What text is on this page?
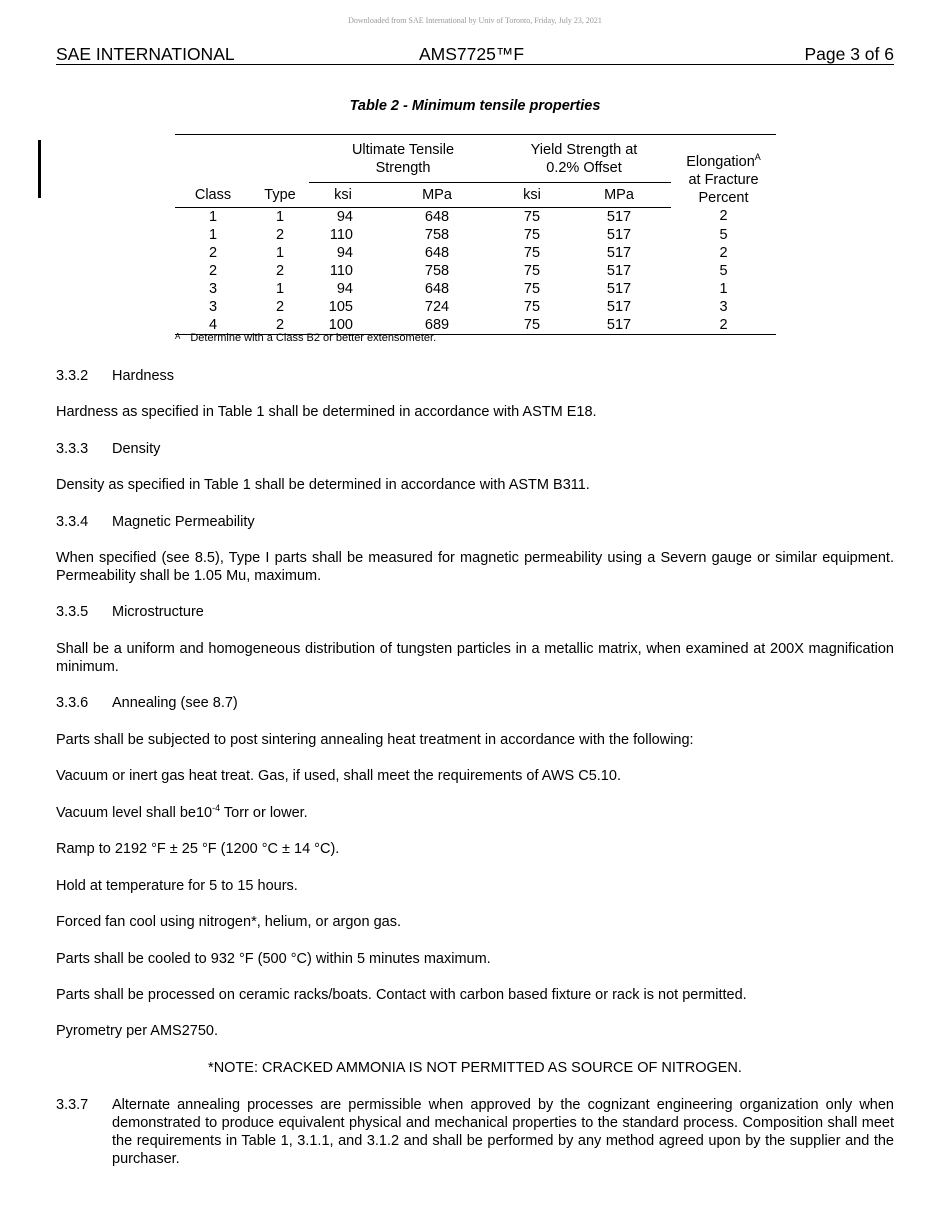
Downloaded from SAE International by Univ of Toronto, Friday, July 23, 2021
SAE INTERNATIONAL	AMS7725™F	Page 3 of 6
Table 2 - Minimum tensile properties
		Ultimate Tensile Strength		Yield Strength at 0.2% Offset		Elongation$^A$
at Fracture Percent

Class	Type	ksi	MPa	ksi	MPa	
1	1	94	648	75	517	2
1	2	110	758	75	517	5
2	1	94	648	75	517	2
2	2	110	758	75	517	5
3	1	94	648	75	517	1
3	2	105	724	75	517	3
4	2	100	689	75	517	2
$^A$ Determine with a Class B2 or better extensometer.
3.3.2 Hardness
Hardness as specified in Table 1 shall be determined in accordance with ASTM E18.
3.3.3 Density
Density as specified in Table 1 shall be determined in accordance with ASTM B311.
3.3.4 Magnetic Permeability
When specified (see 8.5), Type I parts shall be measured for magnetic permeability using a Severn gauge or similar equipment. Permeability shall be 1.05 Mu, maximum.
3.3.5 Microstructure
Shall be a uniform and homogeneous distribution of tungsten particles in a metallic matrix, when examined at 200X magnification minimum.
3.3.6 Annealing (see 8.7)
Parts shall be subjected to post sintering annealing heat treatment in accordance with the following:
Vacuum or inert gas heat treat. Gas, if used, shall meet the requirements of AWS C5.10.
Vacuum level shall $be10^{-4}$ Torr or lower.
Ramp to 2192 °F ± 25 °F (1200 °C ± 14 °C).
Hold at temperature for 5 to 15 hours.
Forced fan cool using nitrogen*, helium, or argon gas.
Parts shall be cooled to 932 °F (500 °C) within 5 minutes maximum.
Parts shall be processed on ceramic racks/boats. Contact with carbon based fixture or rack is not permitted.
Pyrometry per AMS2750.
*NOTE: CRACKED AMMONIA IS NOT PERMITTED AS SOURCE OF NITROGEN.
3.3.7	Alternate annealing processes are permissible when approved by the cognizant engineering organization only when demonstrated to produce equivalent physical and mechanical properties to the standard process. Composition shall meet the requirements in Table 1, 3.1.1, and 3.1.2 and shall be performed by any method agreed upon by the supplier and the purchaser.
